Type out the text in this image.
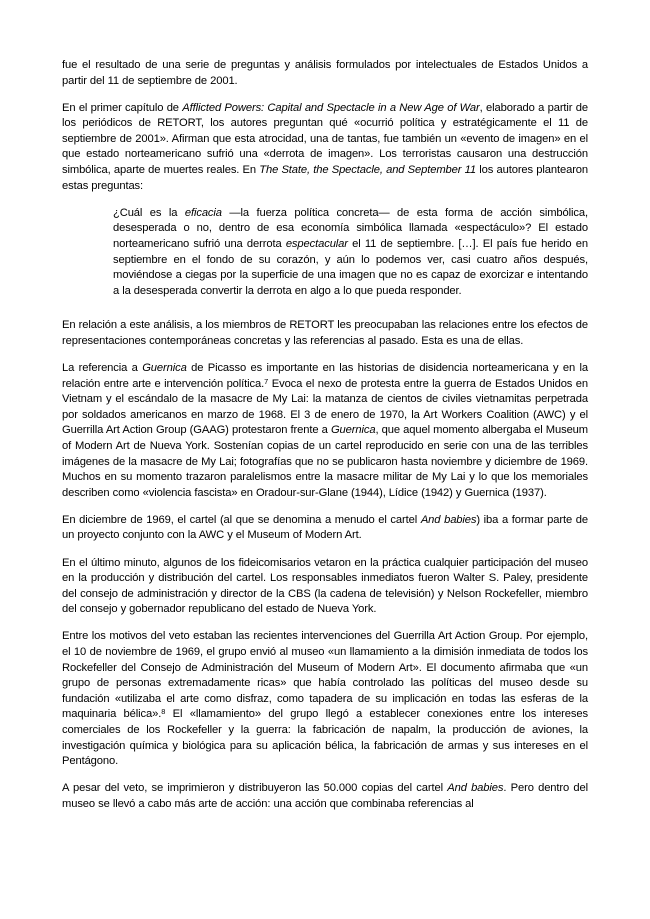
fue el resultado de una serie de preguntas y análisis formulados por intelectuales de Estados Unidos a partir del 11 de septiembre de 2001.

En el primer capítulo de Afflicted Powers: Capital and Spectacle in a New Age of War, elaborado a partir de los periódicos de RETORT, los autores preguntan qué «ocurrió política y estratégicamente el 11 de septiembre de 2001». Afirman que esta atrocidad, una de tantas, fue también un «evento de imagen» en el que estado norteamericano sufrió una «derrota de imagen». Los terroristas causaron una destrucción simbólica, aparte de muertes reales. En The State, the Spectacle, and September 11 los autores plantearon estas preguntas:

¿Cuál es la eficacia —la fuerza política concreta— de esta forma de acción simbólica, desesperada o no, dentro de esa economía simbólica llamada «espectáculo»? El estado norteamericano sufrió una derrota espectacular el 11 de septiembre. […]. El país fue herido en septiembre en el fondo de su corazón, y aún lo podemos ver, casi cuatro años después, moviéndose a ciegas por la superficie de una imagen que no es capaz de exorcizar e intentando a la desesperada convertir la derrota en algo a lo que pueda responder.

En relación a este análisis, a los miembros de RETORT les preocupaban las relaciones entre los efectos de representaciones contemporáneas concretas y las referencias al pasado. Esta es una de ellas.

La referencia a Guernica de Picasso es importante en las historias de disidencia norteamericana y en la relación entre arte e intervención política.$^7$ Evoca el nexo de protesta entre la guerra de Estados Unidos en Vietnam y el escándalo de la masacre de My Lai: la matanza de cientos de civiles vietnamitas perpetrada por soldados americanos en marzo de 1968. El 3 de enero de 1970, la Art Workers Coalition (AWC) y el Guerrilla Art Action Group (GAAG) protestaron frente a Guernica, que aquel momento albergaba el Museum of Modern Art de Nueva York. Sostenían copias de un cartel reproducido en serie con una de las terribles imágenes de la masacre de My Lai; fotografías que no se publicaron hasta noviembre y diciembre de 1969. Muchos en su momento trazaron paralelismos entre la masacre militar de My Lai y lo que los memoriales describen como «violencia fascista» en Oradour-sur-Glane (1944), Lídice (1942) y Guernica (1937).

En diciembre de 1969, el cartel (al que se denomina a menudo el cartel And babies) iba a formar parte de un proyecto conjunto con la AWC y el Museum of Modern Art.

En el último minuto, algunos de los fideicomisarios vetaron en la práctica cualquier participación del museo en la producción y distribución del cartel. Los responsables inmediatos fueron Walter S. Paley, presidente del consejo de administración y director de la CBS (la cadena de televisión) y Nelson Rockefeller, miembro del consejo y gobernador republicano del estado de Nueva York.

Entre los motivos del veto estaban las recientes intervenciones del Guerrilla Art Action Group. Por ejemplo, el 10 de noviembre de 1969, el grupo envió al museo «un llamamiento a la dimisión inmediata de todos los Rockefeller del Consejo de Administración del Museum of Modern Art». El documento afirmaba que «un grupo de personas extremadamente ricas» que había controlado las políticas del museo desde su fundación «utilizaba el arte como disfraz, como tapadera de su implicación en todas las esferas de la maquinaria bélica».$^8$ El «llamamiento» del grupo llegó a establecer conexiones entre los intereses comerciales de los Rockefeller y la guerra: la fabricación de napalm, la producción de aviones, la investigación química y biológica para su aplicación bélica, la fabricación de armas y sus intereses en el Pentágono.

A pesar del veto, se imprimieron y distribuyeron las 50.000 copias del cartel And babies. Pero dentro del museo se llevó a cabo más arte de acción: una acción que combinaba referencias al
